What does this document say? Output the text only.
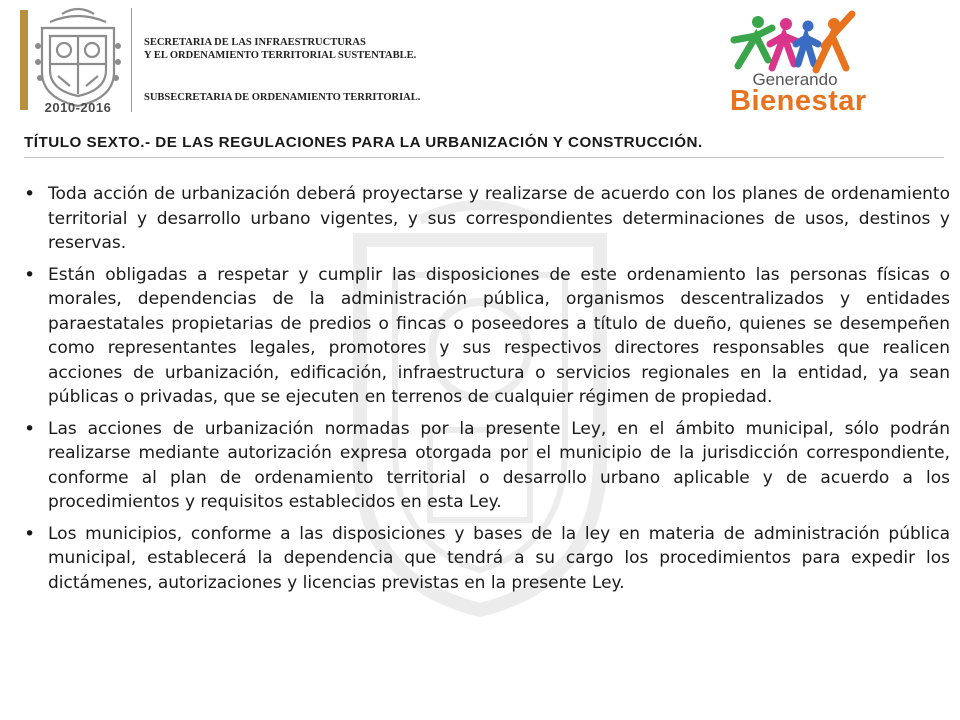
2010-2016
SECRETARIA DE LAS INFRAESTRUCTURAS
Y EL ORDENAMIENTO TERRITORIAL SUSTENTABLE.
SUBSECRETARIA DE ORDENAMIENTO TERRITORIAL.
Generando
Bienestar
TÍTULO SEXTO.- DE LAS REGULACIONES PARA LA URBANIZACIÓN Y CONSTRUCCIÓN.
• Toda acción de urbanización deberá proyectarse y realizarse de acuerdo con los planes de ordenamiento territorial y desarrollo urbano vigentes, y sus correspondientes determinaciones de usos, destinos y reservas.
• Están obligadas a respetar y cumplir las disposiciones de este ordenamiento las personas físicas o morales, dependencias de la administración pública, organismos descentralizados y entidades paraestatales propietarias de predios o fincas o poseedores a título de dueño, quienes se desempeñen como representantes legales, promotores y sus respectivos directores responsables que realicen acciones de urbanización, edificación, infraestructura o servicios regionales en la entidad, ya sean públicas o privadas, que se ejecuten en terrenos de cualquier régimen de propiedad.
• Las acciones de urbanización normadas por la presente Ley, en el ámbito municipal, sólo podrán realizarse mediante autorización expresa otorgada por el municipio de la jurisdicción correspondiente, conforme al plan de ordenamiento territorial o desarrollo urbano aplicable y de acuerdo a los procedimientos y requisitos establecidos en esta Ley.
• Los municipios, conforme a las disposiciones y bases de la ley en materia de administración pública municipal, establecerá la dependencia que tendrá a su cargo los procedimientos para expedir los dictámenes, autorizaciones y licencias previstas en la presente Ley.
